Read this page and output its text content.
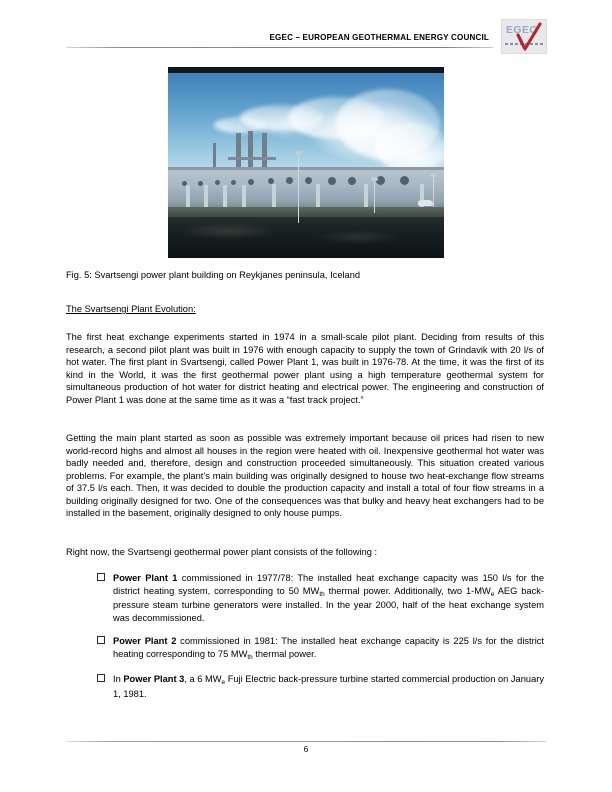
EGEC – EUROPEAN GEOTHERMAL ENERGY COUNCIL
EGEC
Fig. 5: Svartsengi power plant building on Reykjanes peninsula, Iceland
The Svartsengi Plant Evolution:
The first heat exchange experiments started in 1974 in a small-scale pilot plant. Deciding from results of this research, a second pilot plant was built in 1976 with enough capacity to supply the town of Grindavik with 20 l/s of hot water. The first plant in Svartsengi, called Power Plant 1, was built in 1976-78. At the time, it was the first of its kind in the World, it was the first geothermal power plant using a high temperature geothermal system for simultaneous production of hot water for district heating and electrical power. The engineering and construction of Power Plant 1 was done at the same time as it was a “fast track project.”
Getting the main plant started as soon as possible was extremely important because oil prices had risen to new world-record highs and almost all houses in the region were heated with oil. Inexpensive geothermal hot water was badly needed and, therefore, design and construction proceeded simultaneously. This situation created various problems. For example, the plant’s main building was originally designed to house two heat-exchange flow streams of 37.5 l/s each. Then, it was decided to double the production capacity and install a total of four flow streams in a building originally designed for two. One of the consequences was that bulky and heavy heat exchangers had to be installed in the basement, originally designed to only house pumps.
Right now, the Svartsengi geothermal power plant consists of the following :
Power Plant 1 commissioned in 1977/78: The installed heat exchange capacity was 150 l/s for the district heating system, corresponding to 50 $MW_{th}$ thermal power. Additionally, two $1-MW_e$ AEG back-pressure steam turbine generators were installed. In the year 2000, half of the heat exchange system was decommissioned.
Power Plant 2 commissioned in 1981: The installed heat exchange capacity is 225 l/s for the district heating corresponding to 75 $MW_{th}$ thermal power.
In Power Plant 3, a 6 $MW_e$ Fuji Electric back-pressure turbine started commercial production on January 1, 1981.
6
